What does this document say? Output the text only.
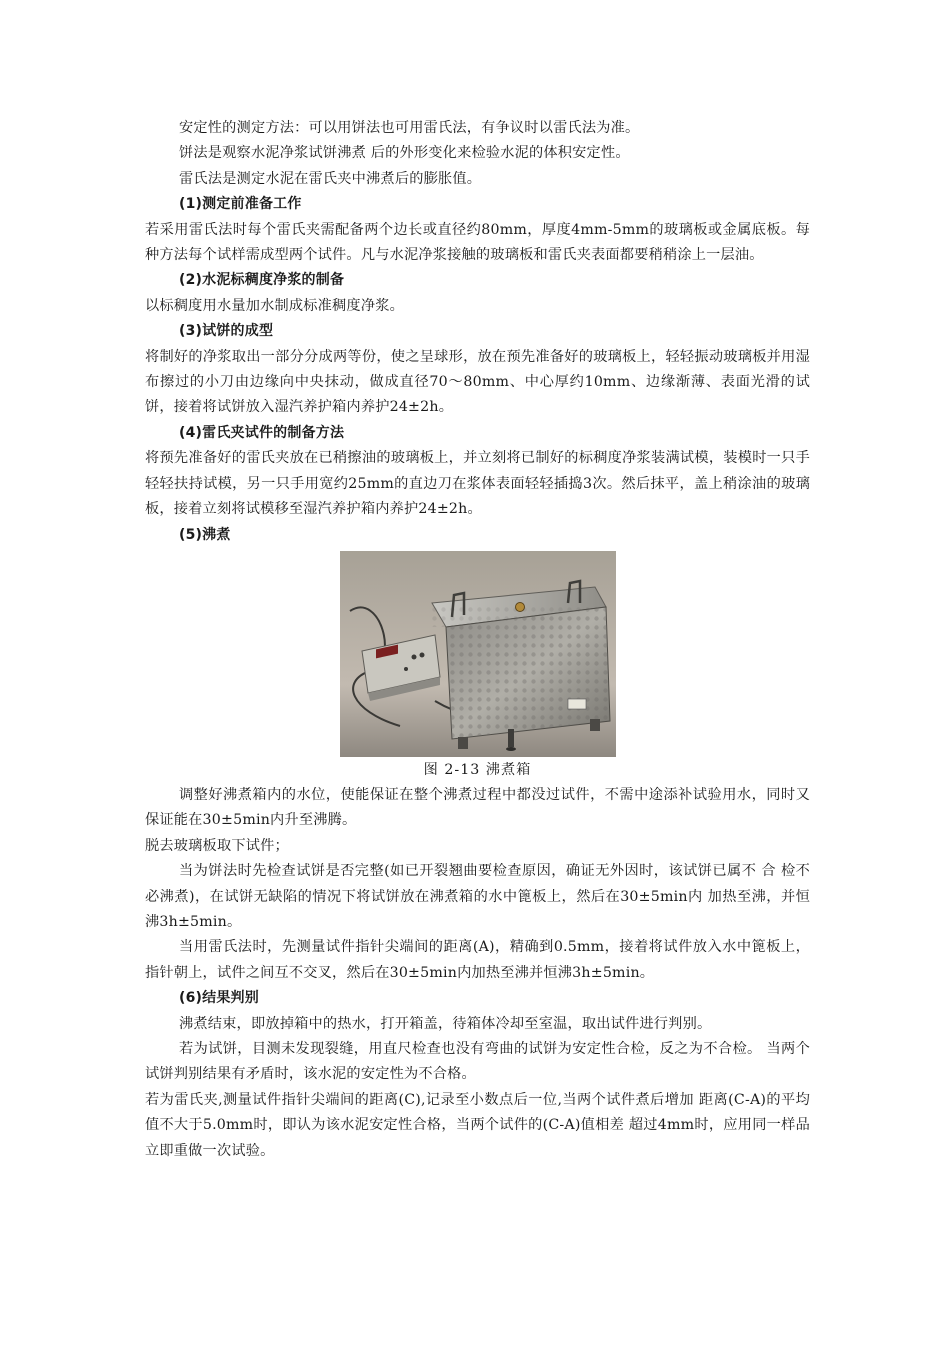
安定性的测定方法：可以用饼法也可用雷氏法，有争议时以雷氏法为准。

饼法是观察水泥净浆试饼沸煮 后的外形变化来检验水泥的体积安定性。

雷氏法是测定水泥在雷氏夹中沸煮后的膨胀值。

(1)测定前准备工作

若采用雷氏法时每个雷氏夹需配备两个边长或直径约80mm，厚度4mm-5mm的玻璃板或金属底板。每种方法每个试样需成型两个试件。凡与水泥净浆接触的玻璃板和雷氏夹表面都要稍稍涂上一层油。

(2)水泥标稠度净浆的制备

以标稠度用水量加水制成标准稠度净浆。

(3)试饼的成型

将制好的净浆取出一部分分成两等份，使之呈球形，放在预先准备好的玻璃板上，轻轻振动玻璃板并用湿布擦过的小刀由边缘向中央抹动，做成直径70～80mm、中心厚约10mm、边缘渐薄、表面光滑的试饼，接着将试饼放入湿汽养护箱内养护24±2h。

(4)雷氏夹试件的制备方法

将预先准备好的雷氏夹放在已稍擦油的玻璃板上，并立刻将已制好的标稠度净浆装满试模，装模时一只手轻轻扶持试模，另一只手用宽约25mm的直边刀在浆体表面轻轻插捣3次。然后抹平，盖上稍涂油的玻璃板，接着立刻将试模移至湿汽养护箱内养护24±2h。

(5)沸煮

图 2-13 沸煮箱

调整好沸煮箱内的水位，使能保证在整个沸煮过程中都没过试件，不需中途添补试验用水，同时又保证能在30±5min内升至沸腾。

脱去玻璃板取下试件；

当为饼法时先检查试饼是否完整(如已开裂翘曲要检查原因，确证无外因时，该试饼已属不 合 检不必沸煮)，在试饼无缺陷的情况下将试饼放在沸煮箱的水中篦板上，然后在30±5min内 加热至沸，并恒沸3h±5min。

当用雷氏法时，先测量试件指针尖端间的距离(A)，精确到0.5mm，接着将试件放入水中篦板上，指针朝上，试件之间互不交叉，然后在30±5min内加热至沸并恒沸3h±5min。

(6)结果判别

沸煮结束，即放掉箱中的热水，打开箱盖，待箱体冷却至室温，取出试件进行判别。

若为试饼，目测未发现裂缝，用直尺检查也没有弯曲的试饼为安定性合检，反之为不合检。 当两个试饼判别结果有矛盾时，该水泥的安定性为不合格。

若为雷氏夹,测量试件指针尖端间的距离(C),记录至小数点后一位,当两个试件煮后增加 距离(C-A)的平均值不大于5.0mm时，即认为该水泥安定性合格，当两个试件的(C-A)值相差 超过4mm时，应用同一样品立即重做一次试验。
